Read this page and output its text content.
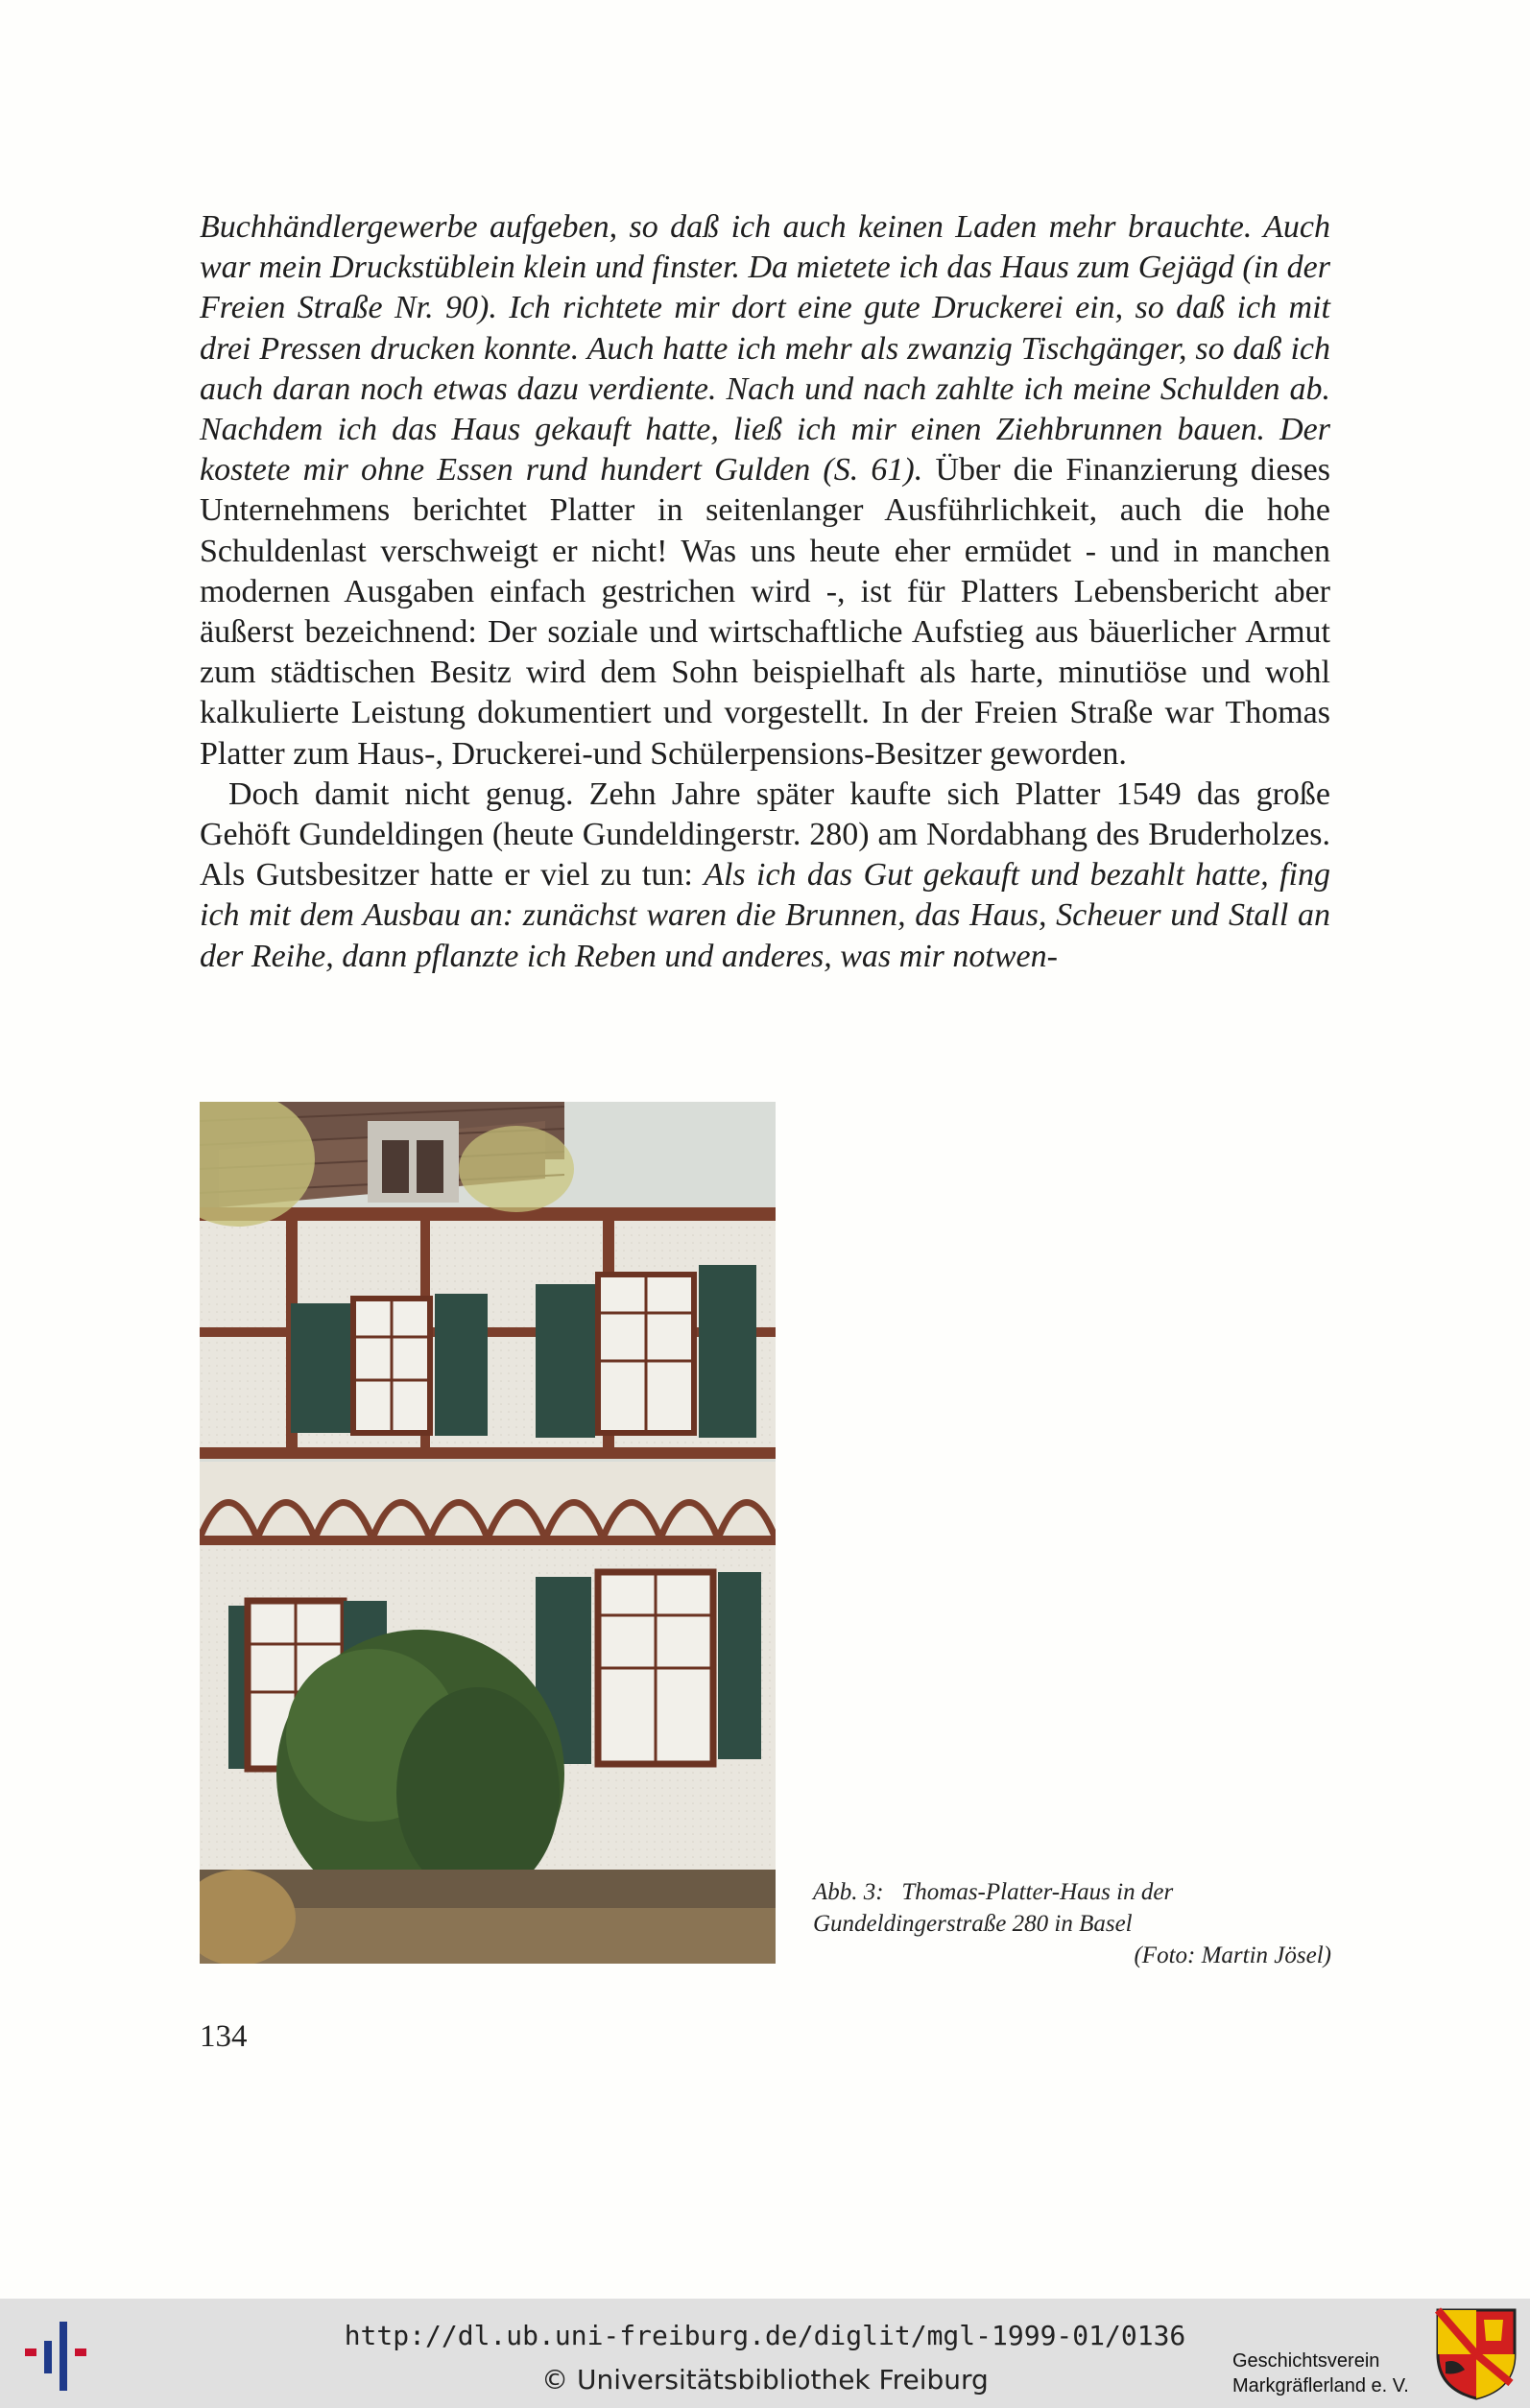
Buchhändlergewerbe aufgeben, so daß ich auch keinen Laden mehr brauchte. Auch war mein Druckstüblein klein und finster. Da mietete ich das Haus zum Gejägd (in der Freien Straße Nr. 90). Ich richtete mir dort eine gute Druckerei ein, so daß ich mit drei Pressen drucken konnte. Auch hatte ich mehr als zwanzig Tischgänger, so daß ich auch daran noch etwas dazu verdiente. Nach und nach zahlte ich meine Schulden ab. Nachdem ich das Haus gekauft hatte, ließ ich mir einen Ziehbrunnen bauen. Der kostete mir ohne Essen rund hundert Gulden (S. 61). Über die Finanzierung dieses Unternehmens berichtet Platter in seitenlanger Ausführlichkeit, auch die hohe Schuldenlast verschweigt er nicht! Was uns heute eher ermüdet - und in manchen modernen Ausgaben einfach gestrichen wird -, ist für Platters Lebensbericht aber äußerst bezeichnend: Der soziale und wirtschaftliche Aufstieg aus bäuerlicher Armut zum städtischen Besitz wird dem Sohn beispielhaft als harte, minutiöse und wohl kalkulierte Leistung dokumentiert und vorgestellt. In der Freien Straße war Thomas Platter zum Haus-, Druckerei-und Schülerpensions-Besitzer geworden.

Doch damit nicht genug. Zehn Jahre später kaufte sich Platter 1549 das große Gehöft Gundeldingen (heute Gundeldingerstr. 280) am Nordabhang des Bruderholzes. Als Gutsbesitzer hatte er viel zu tun: Als ich das Gut gekauft und bezahlt hatte, fing ich mit dem Ausbau an: zunächst waren die Brunnen, das Haus, Scheuer und Stall an der Reihe, dann pflanzte ich Reben und anderes, was mir notwen-

Abb. 3: Thomas-Platter-Haus in der
Gundeldingerstraße 280 in Basel
(Foto: Martin Jösel)
134
http://dl.ub.uni-freiburg.de/diglit/mgl-1999-01/0136
© Universitätsbibliothek Freiburg
Geschichtsverein
Markgräflerland e. V.
